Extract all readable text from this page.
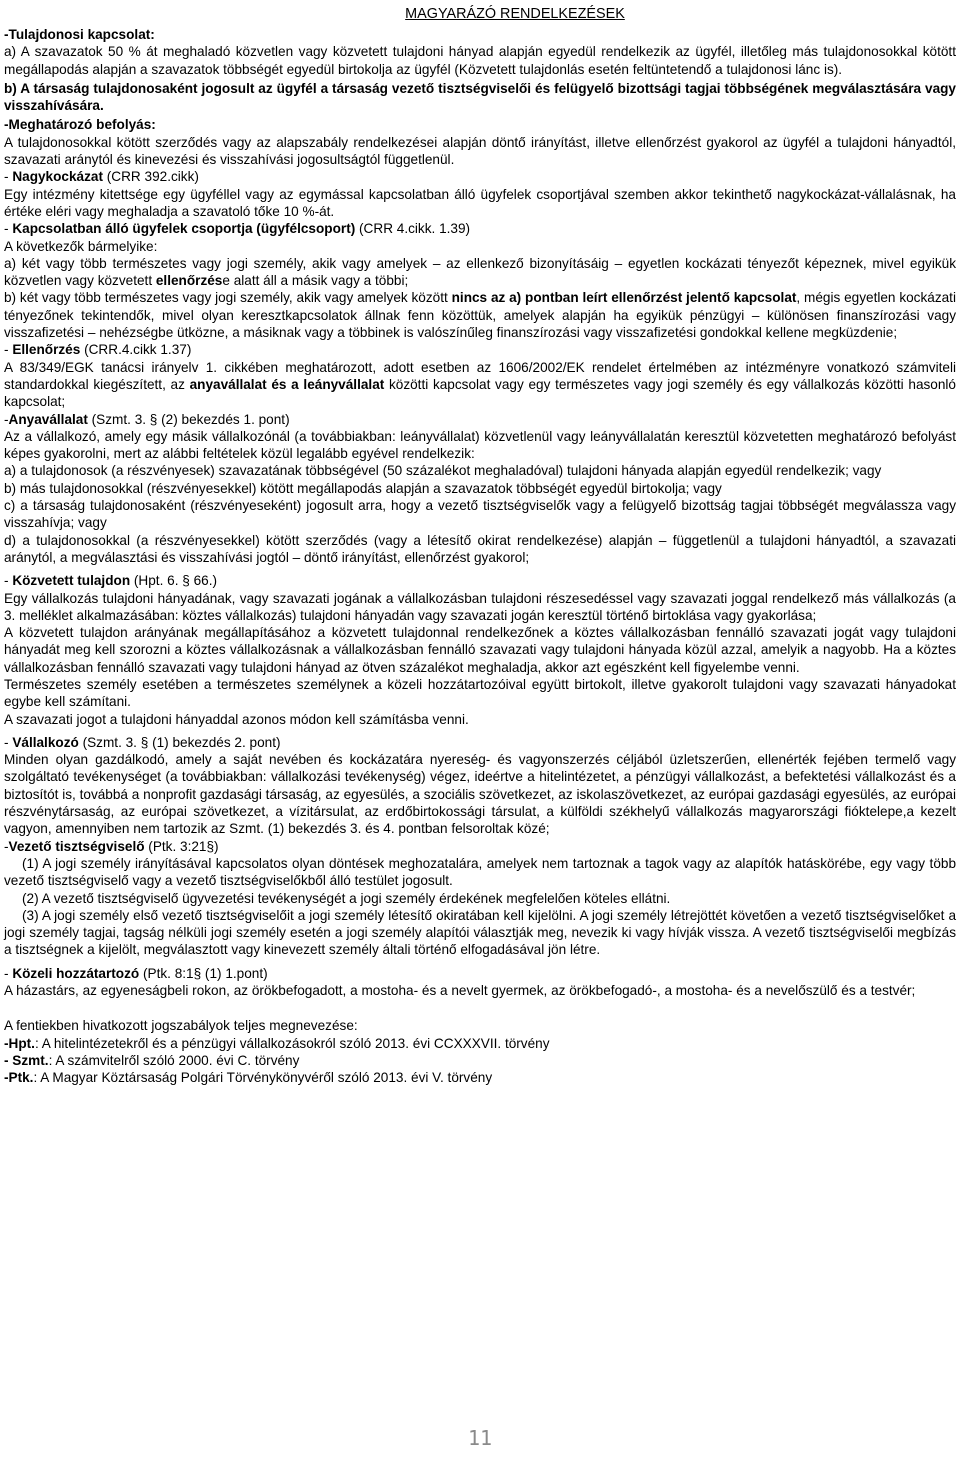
MAGYARÁZÓ RENDELKEZÉSEK

-Tulajdonosi kapcsolat:

a) A szavazatok 50 % át meghaladó közvetlen vagy közvetett tulajdoni hányad alapján egyedül rendelkezik az ügyfél, illetőleg más tulajdonosokkal kötött megállapodás alapján a szavazatok többségét egyedül birtokolja az ügyfél (Közvetett tulajdonlás esetén feltüntetendő a tulajdonosi lánc is).

b) A társaság tulajdonosaként jogosult az ügyfél a társaság vezető tisztségviselői és felügyelő bizottsági tagjai többségének megválasztására vagy visszahívására.

-Meghatározó befolyás:

A tulajdonosokkal kötött szerződés vagy az alapszabály rendelkezései alapján döntő irányítást, illetve ellenőrzést gyakorol az ügyfél a tulajdoni hányadtól, szavazati aránytól és kinevezési és visszahívási jogosultságtól függetlenül.

- Nagykockázat (CRR 392.cikk)

Egy intézmény kitettsége egy ügyféllel vagy az egymással kapcsolatban álló ügyfelek csoportjával szemben akkor tekinthető nagykockázat-vállalásnak, ha értéke eléri vagy meghaladja a szavatoló tőke 10 %-át.

- Kapcsolatban álló ügyfelek csoportja (ügyfélcsoport) (CRR 4.cikk. 1.39)

A következők bármelyike:

a) két vagy több természetes vagy jogi személy, akik vagy amelyek – az ellenkező bizonyításáig – egyetlen kockázati tényezőt képeznek, mivel egyikük közvetlen vagy közvetett ellenőrzése alatt áll a másik vagy a többi;

b) két vagy több természetes vagy jogi személy, akik vagy amelyek között nincs az a) pontban leírt ellenőrzést jelentő kapcsolat, mégis egyetlen kockázati tényezőnek tekintendők, mivel olyan keresztkapcsolatok állnak fenn közöttük, amelyek alapján ha egyikük pénzügyi – különösen finanszírozási vagy visszafizetési – nehézségbe ütközne, a másiknak vagy a többinek is valószínűleg finanszírozási vagy visszafizetési gondokkal kellene megküzdenie;

- Ellenőrzés (CRR.4.cikk 1.37)

A 83/349/EGK tanácsi irányelv 1. cikkében meghatározott, adott esetben az 1606/2002/EK rendelet értelmében az intézményre vonatkozó számviteli standardokkal kiegészített, az anyavállalat és a leányvállalat közötti kapcsolat vagy egy természetes vagy jogi személy és egy vállalkozás közötti hasonló kapcsolat;

-Anyavállalat (Szmt. 3. § (2) bekezdés 1. pont)

Az a vállalkozó, amely egy másik vállalkozónál (a továbbiakban: leányvállalat) közvetlenül vagy leányvállalatán keresztül közvetetten meghatározó befolyást képes gyakorolni, mert az alábbi feltételek közül legalább egyével rendelkezik:

a) a tulajdonosok (a részvényesek) szavazatának többségével (50 százalékot meghaladóval) tulajdoni hányada alapján egyedül rendelkezik; vagy

b) más tulajdonosokkal (részvényesekkel) kötött megállapodás alapján a szavazatok többségét egyedül birtokolja; vagy

c) a társaság tulajdonosaként (részvényeseként) jogosult arra, hogy a vezető tisztségviselők vagy a felügyelő bizottság tagjai többségét megválassza vagy visszahívja; vagy

d) a tulajdonosokkal (a részvényesekkel) kötött szerződés (vagy a létesítő okirat rendelkezése) alapján – függetlenül a tulajdoni hányadtól, a szavazati aránytól, a megválasztási és visszahívási jogtól – döntő irányítást, ellenőrzést gyakorol;

- Közvetett tulajdon (Hpt. 6. § 66.)

Egy vállalkozás tulajdoni hányadának, vagy szavazati jogának a vállalkozásban tulajdoni részesedéssel vagy szavazati joggal rendelkező más vállalkozás (a 3. melléklet alkalmazásában: köztes vállalkozás) tulajdoni hányadán vagy szavazati jogán keresztül történő birtoklása vagy gyakorlása;

A közvetett tulajdon arányának megállapításához a közvetett tulajdonnal rendelkezőnek a köztes vállalkozásban fennálló szavazati jogát vagy tulajdoni hányadát meg kell szorozni a köztes vállalkozásnak a vállalkozásban fennálló szavazati vagy tulajdoni hányada közül azzal, amelyik a nagyobb. Ha a köztes vállalkozásban fennálló szavazati vagy tulajdoni hányad az ötven százalékot meghaladja, akkor azt egészként kell figyelembe venni.

Természetes személy esetében a természetes személynek a közeli hozzátartozóival együtt birtokolt, illetve gyakorolt tulajdoni vagy szavazati hányadokat egybe kell számítani.

A szavazati jogot a tulajdoni hányaddal azonos módon kell számításba venni.

- Vállalkozó (Szmt. 3. § (1) bekezdés 2. pont)

Minden olyan gazdálkodó, amely a saját nevében és kockázatára nyereség- és vagyonszerzés céljából üzletszerűen, ellenérték fejében termelő vagy szolgáltató tevékenységet (a továbbiakban: vállalkozási tevékenység) végez, ideértve a hitelintézetet, a pénzügyi vállalkozást, a befektetési vállalkozást és a biztosítót is, továbbá a nonprofit gazdasági társaság, az egyesülés, a szociális szövetkezet, az iskolaszövetkezet, az európai gazdasági egyesülés, az európai részvénytársaság, az európai szövetkezet, a vízitársulat, az erdőbirtokossági társulat, a külföldi székhelyű vállalkozás magyarországi fióktelepe,a kezelt vagyon, amennyiben nem tartozik az Szmt. (1) bekezdés 3. és 4. pontban felsoroltak közé;

-Vezető tisztségviselő (Ptk. 3:21§)

(1) A jogi személy irányításával kapcsolatos olyan döntések meghozatalára, amelyek nem tartoznak a tagok vagy az alapítók hatáskörébe, egy vagy több vezető tisztségviselő vagy a vezető tisztségviselőkből álló testület jogosult.

(2) A vezető tisztségviselő ügyvezetési tevékenységét a jogi személy érdekének megfelelően köteles ellátni.

(3) A jogi személy első vezető tisztségviselőit a jogi személy létesítő okiratában kell kijelölni. A jogi személy létrejöttét követően a vezető tisztségviselőket a jogi személy tagjai, tagság nélküli jogi személy esetén a jogi személy alapítói választják meg, nevezik ki vagy hívják vissza. A vezető tisztségviselői megbízás a tisztségnek a kijelölt, megválasztott vagy kinevezett személy általi történő elfogadásával jön létre.

- Közeli hozzátartozó (Ptk. 8:1§ (1) 1.pont)

A házastárs, az egyeneságbeli rokon, az örökbefogadott, a mostoha- és a nevelt gyermek, az örökbefogadó-, a mostoha- és a nevelőszülő és a testvér;

A fentiekben hivatkozott jogszabályok teljes megnevezése:

-Hpt.: A hitelintézetekről és a pénzügyi vállalkozásokról szóló 2013. évi CCXXXVII. törvény

- Szmt.: A számvitelről szóló 2000. évi C. törvény

-Ptk.: A Magyar Köztársaság Polgári Törvénykönyvéről szóló 2013. évi V. törvény

11
